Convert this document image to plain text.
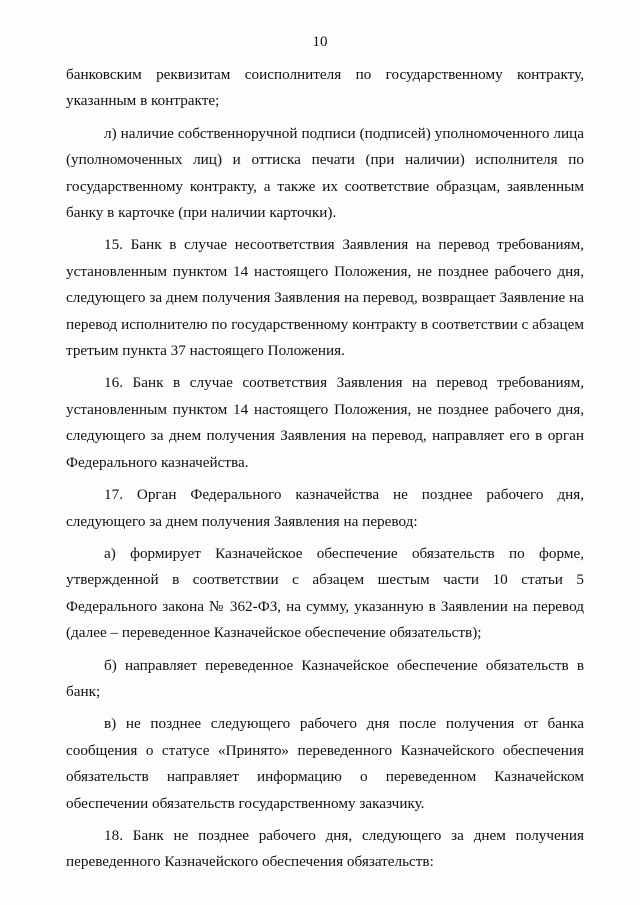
10

банковским реквизитам соисполнителя по государственному контракту, указанным в контракте;

л) наличие собственноручной подписи (подписей) уполномоченного лица (уполномоченных лиц) и оттиска печати (при наличии) исполнителя по государственному контракту, а также их соответствие образцам, заявленным банку в карточке (при наличии карточки).

15. Банк в случае несоответствия Заявления на перевод требованиям, установленным пунктом 14 настоящего Положения, не позднее рабочего дня, следующего за днем получения Заявления на перевод, возвращает Заявление на перевод исполнителю по государственному контракту в соответствии с абзацем третьим пункта 37 настоящего Положения.

16. Банк в случае соответствия Заявления на перевод требованиям, установленным пунктом 14 настоящего Положения, не позднее рабочего дня, следующего за днем получения Заявления на перевод, направляет его в орган Федерального казначейства.

17. Орган Федерального казначейства не позднее рабочего дня, следующего за днем получения Заявления на перевод:

а) формирует Казначейское обеспечение обязательств по форме, утвержденной в соответствии с абзацем шестым части 10 статьи 5 Федерального закона № 362-ФЗ, на сумму, указанную в Заявлении на перевод (далее – переведенное Казначейское обеспечение обязательств);

б) направляет переведенное Казначейское обеспечение обязательств в банк;

в) не позднее следующего рабочего дня после получения от банка сообщения о статусе «Принято» переведенного Казначейского обеспечения обязательств направляет информацию о переведенном Казначейском обеспечении обязательств государственному заказчику.

18. Банк не позднее рабочего дня, следующего за днем получения переведенного Казначейского обеспечения обязательств:
